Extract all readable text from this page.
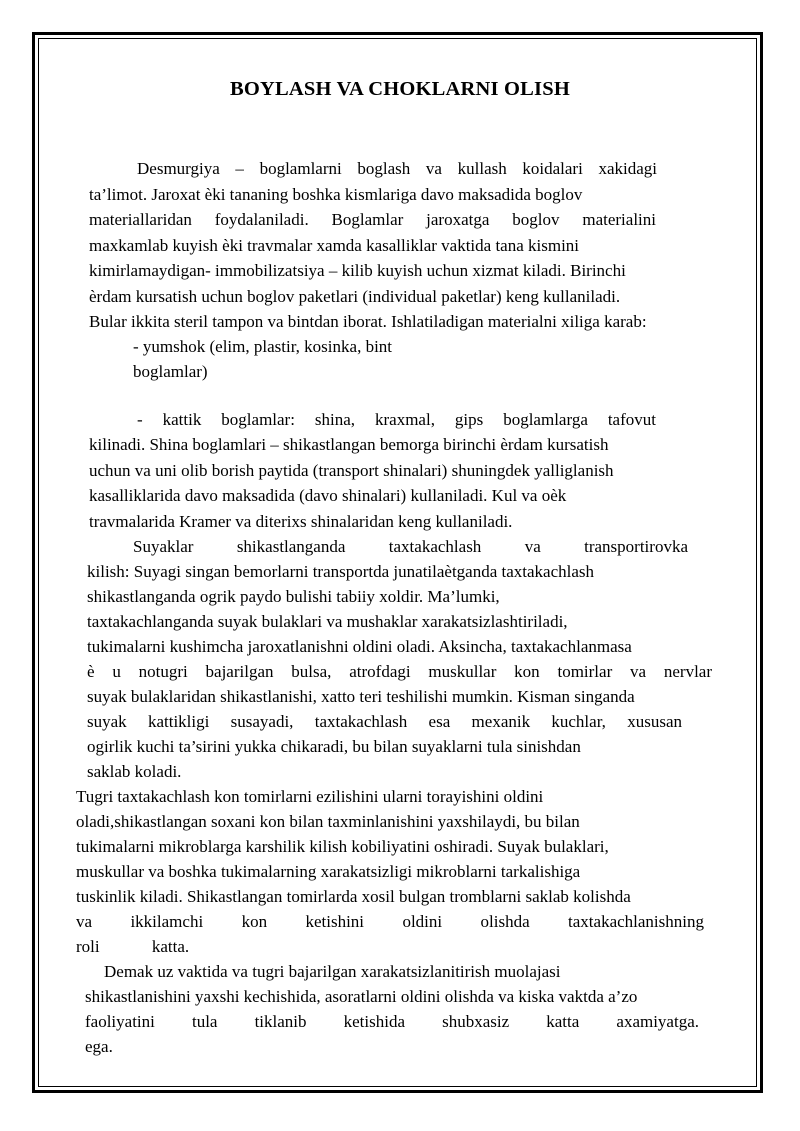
BOYLASH VA CHOKLARNI OLISH
Desmurgiya – boglamlarni boglash va kullash koidalari xakidagi
ta’limot. Jaroxat èki tananing boshka kismlariga davo maksadida boglov
materiallaridan foydalaniladi. Boglamlar jaroxatga boglov materialini
maxkamlab kuyish èki travmalar xamda kasalliklar vaktida tana kismini
kimirlamaydigan- immobilizatsiya – kilib kuyish uchun xizmat kiladi. Birinchi
èrdam kursatish uchun boglov paketlari (individual paketlar) keng kullaniladi.
Bular ikkita steril tampon va bintdan iborat. Ishlatiladigan materialni xiliga karab:
- yumshok (elim, plastir, kosinka, bint
boglamlar)
- kattik boglamlar: shina, kraxmal, gips boglamlarga tafovut
kilinadi. Shina boglamlari – shikastlangan bemorga birinchi èrdam kursatish
uchun va uni olib borish paytida (transport shinalari) shuningdek yalliglanish
kasalliklarida davo maksadida (davo shinalari) kullaniladi. Kul va oèk
travmalarida Kramer va diterixs shinalaridan keng kullaniladi.
Suyaklar shikastlanganda taxtakachlash va transportirovka
kilish: Suyagi singan bemorlarni transportda junatilaètganda taxtakachlash
shikastlanganda ogrik paydo bulishi tabiiy xoldir. Ma’lumki,
taxtakachlanganda suyak bulaklari va mushaklar xarakatsizlashtiriladi,
tukimalarni kushimcha jaroxatlanishni oldini oladi. Aksincha, taxtakachlanmasa
è u notugri bajarilgan bulsa, atrofdagi muskullar kon tomirlar va nervlar
suyak bulaklaridan shikastlanishi, xatto teri teshilishi mumkin. Kisman singanda
suyak kattikligi susayadi, taxtakachlash esa mexanik kuchlar, xususan
ogirlik kuchi ta’sirini yukka chikaradi, bu bilan suyaklarni tula sinishdan
saklab koladi.
Tugri taxtakachlash kon tomirlarni ezilishini ularni torayishini oldini
oladi,shikastlangan soxani kon bilan taxminlanishini yaxshilaydi, bu bilan
tukimalarni mikroblarga karshilik kilish kobiliyatini oshiradi. Suyak bulaklari,
muskullar va boshka tukimalarning xarakatsizligi mikroblarni tarkalishiga
tuskinlik kiladi. Shikastlangan tomirlarda xosil bulgan tromblarni saklab kolishda
va ikkilamchi kon ketishini oldini olishda taxtakachlanishning
roli katta.
Demak uz vaktida va tugri bajarilgan xarakatsizlanitirish muolajasi
shikastlanishini yaxshi kechishida, asoratlarni oldini olishda va kiska vaktda a’zo
faoliyatini tula tiklanib ketishida shubxasiz katta axamiyatga.
ega.
